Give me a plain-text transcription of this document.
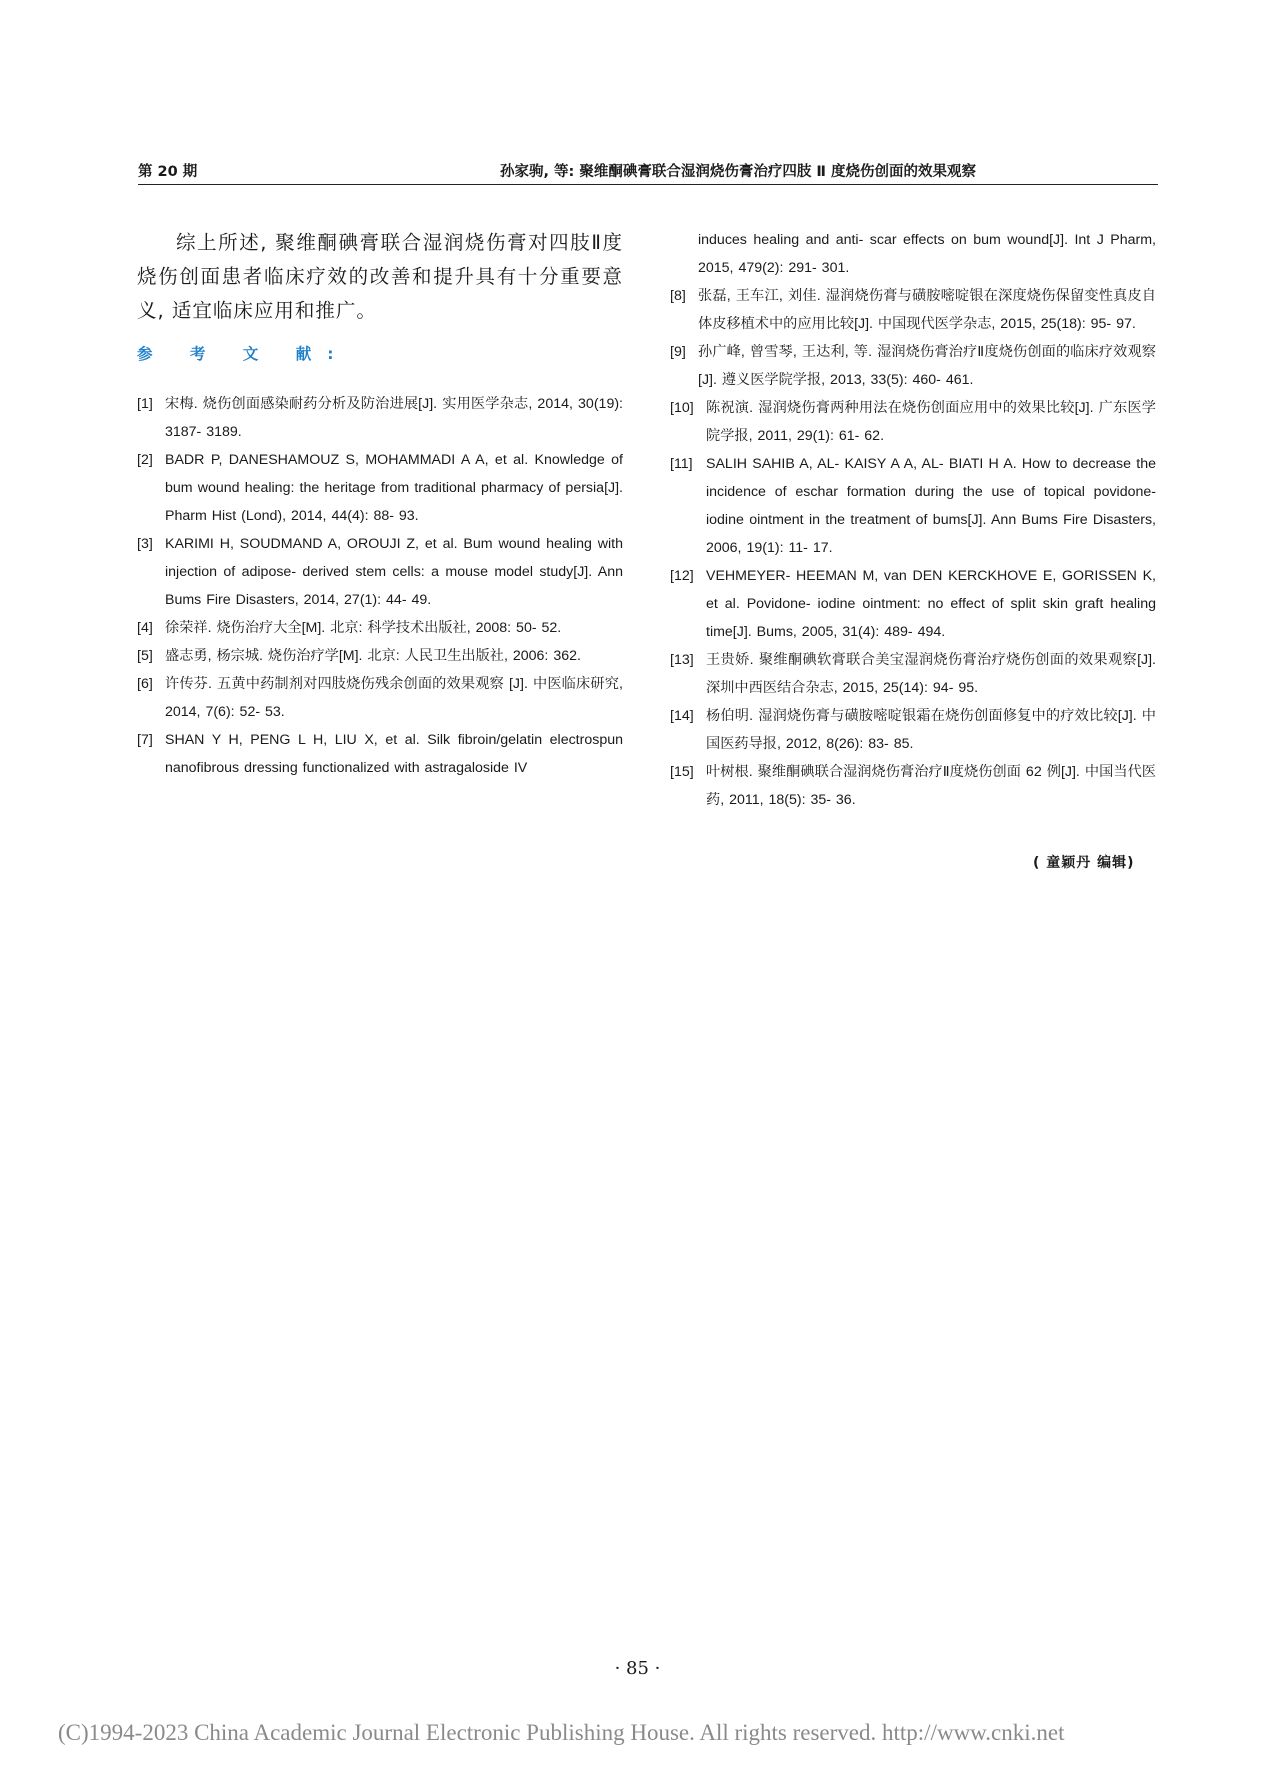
第 20 期	孙家驹, 等: 聚维酮碘膏联合湿润烧伤膏治疗四肢 Ⅱ 度烧伤创面的效果观察

综上所述, 聚维酮碘膏联合湿润烧伤膏对四肢Ⅱ度烧伤创面患者临床疗效的改善和提升具有十分重要意义, 适宜临床应用和推广。

参 考 文 献:
[1] 宋梅. 烧伤创面感染耐药分析及防治进展[J]. 实用医学杂志, 2014, 30(19): 3187- 3189.
[2] BADR P, DANESHAMOUZ S, MOHAMMADI A A, et al. Knowledge of bum wound healing: the heritage from traditional pharmacy of persia[J]. Pharm Hist (Lond), 2014, 44(4): 88- 93.
[3] KARIMI H, SOUDMAND A, OROUJI Z, et al. Bum wound healing with injection of adipose- derived stem cells: a mouse model study[J]. Ann Bums Fire Disasters, 2014, 27(1): 44- 49.
[4] 徐荣祥. 烧伤治疗大全[M]. 北京: 科学技术出版社, 2008: 50- 52.
[5] 盛志勇, 杨宗城. 烧伤治疗学[M]. 北京: 人民卫生出版社, 2006: 362.
[6] 许传芬. 五黄中药制剂对四肢烧伤残余创面的效果观察 [J]. 中医临床研究, 2014, 7(6): 52- 53.
[7] SHAN Y H, PENG L H, LIU X, et al. Silk fibroin/gelatin electrospun nanofibrous dressing functionalized with astragaloside IV
induces healing and anti- scar effects on bum wound[J]. Int J Pharm, 2015, 479(2): 291- 301.
[8] 张磊, 王车江, 刘佳. 湿润烧伤膏与磺胺嘧啶银在深度烧伤保留变性真皮自体皮移植术中的应用比较[J]. 中国现代医学杂志, 2015, 25(18): 95- 97.
[9] 孙广峰, 曾雪琴, 王达利, 等. 湿润烧伤膏治疗Ⅱ度烧伤创面的临床疗效观察[J]. 遵义医学院学报, 2013, 33(5): 460- 461.
[10] 陈祝演. 湿润烧伤膏两种用法在烧伤创面应用中的效果比较[J]. 广东医学院学报, 2011, 29(1): 61- 62.
[11] SALIH SAHIB A, AL- KAISY A A, AL- BIATI H A. How to decrease the incidence of eschar formation during the use of topical povidone- iodine ointment in the treatment of bums[J]. Ann Bums Fire Disasters, 2006, 19(1): 11- 17.
[12] VEHMEYER- HEEMAN M, van DEN KERCKHOVE E, GORISSEN K, et al. Povidone- iodine ointment: no effect of split skin graft healing time[J]. Bums, 2005, 31(4): 489- 494.
[13] 王贵娇. 聚维酮碘软膏联合美宝湿润烧伤膏治疗烧伤创面的效果观察[J]. 深圳中西医结合杂志, 2015, 25(14): 94- 95.
[14] 杨伯明. 湿润烧伤膏与磺胺嘧啶银霜在烧伤创面修复中的疗效比较[J]. 中国医药导报, 2012, 8(26): 83- 85.
[15] 叶树根. 聚维酮碘联合湿润烧伤膏治疗Ⅱ度烧伤创面 62 例[J]. 中国当代医药, 2011, 18(5): 35- 36.
( 童颖丹 编辑)
· 85 ·
(C)1994-2023 China Academic Journal Electronic Publishing House. All rights reserved. http://www.cnki.net
